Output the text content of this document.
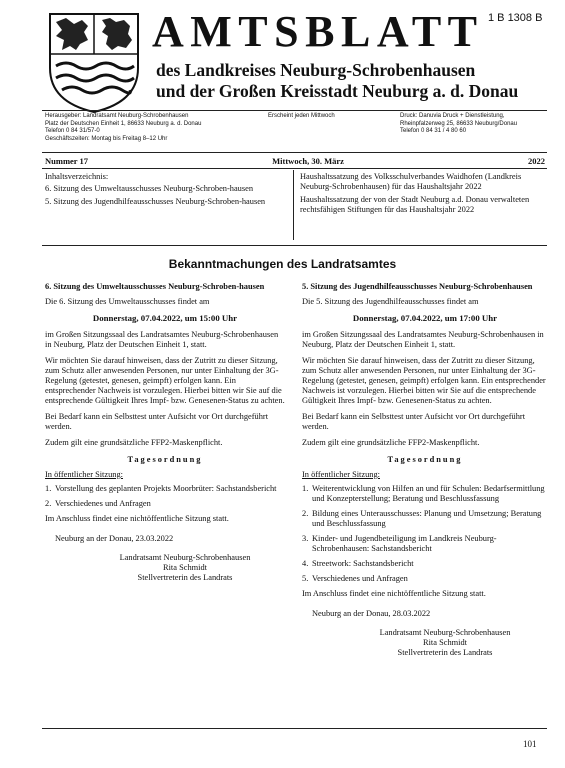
AMTSBLATT 1 B 1308 B
des Landkreises Neuburg-Schrobenhausen
und der Großen Kreisstadt Neuburg a. d. Donau
Herausgeber: Landratsamt Neuburg-Schrobenhausen
Platz der Deutschen Einheit 1, 86633 Neuburg a. d. Donau
Telefon 0 84 31/57-0
Geschäftszeiten: Montag bis Freitag 8–12 Uhr
Erscheint jeden Mittwoch	Druck: Danuvia Druck + Dienstleistung,
Rheinpfalzerweg 25, 86633 Neuburg/Donau
Telefon 0 84 31 / 4 80 60
Nummer 17	Mittwoch, 30. März	2022
Inhaltsverzeichnis:
6. Sitzung des Umweltausschusses Neuburg-Schroben-hausen
5. Sitzung des Jugendhilfeausschusses Neuburg-Schroben-hausen
Haushaltssatzung des Volksschulverbandes Waidhofen (Landkreis Neuburg-Schrobenhausen) für das Haushaltsjahr 2022
Haushaltssatzung der von der Stadt Neuburg a.d. Donau verwalteten rechtsfähigen Stiftungen für das Haushaltsjahr 2022
Bekanntmachungen des Landratsamtes
6. Sitzung des Umweltausschusses Neuburg-Schroben-hausen

Die 6. Sitzung des Umweltausschusses findet am

Donnerstag, 07.04.2022, um 15:00 Uhr

im Großen Sitzungssaal des Landratsamtes Neuburg-Schrobenhausen in Neuburg, Platz der Deutschen Einheit 1, statt.

Wir möchten Sie darauf hinweisen, dass der Zutritt zu dieser Sitzung, zum Schutz aller anwesenden Personen, nur unter Einhaltung der 3G-Regelung (getestet, genesen, geimpft) erfolgen kann. Ein entsprechender Nachweis ist vorzulegen. Hierbei bitten wir Sie auf die entsprechende Gültigkeit Ihres Impf- bzw. Genesenen-Status zu achten.

Bei Bedarf kann ein Selbsttest unter Aufsicht vor Ort durchgeführt werden.

Zudem gilt eine grundsätzliche FFP2-Maskenpflicht.

Tagesordnung
In öffentlicher Sitzung:
1. Vorstellung des geplanten Projekts Moorbrüter: Sachstandsbericht
2. Verschiedenes und Anfragen

Im Anschluss findet eine nichtöffentliche Sitzung statt.

Neuburg an der Donau, 23.03.2022
Landratsamt Neuburg-Schrobenhausen
Rita Schmidt
Stellvertreterin des Landrats
5. Sitzung des Jugendhilfeausschusses Neuburg-Schrobenhausen

Die 5. Sitzung des Jugendhilfeausschusses findet am

Donnerstag, 07.04.2022, um 17:00 Uhr

im Großen Sitzungssaal des Landratsamtes Neuburg-Schrobenhausen in Neuburg, Platz der Deutschen Einheit 1, statt.

Wir möchten Sie darauf hinweisen, dass der Zutritt zu dieser Sitzung, zum Schutz aller anwesenden Personen, nur unter Einhaltung der 3G-Regelung (getestet, genesen, geimpft) erfolgen kann. Ein entsprechender Nachweis ist vorzulegen. Hierbei bitten wir Sie auf die entsprechende Gültigkeit Ihres Impf- bzw. Genesenen-Status zu achten.

Bei Bedarf kann ein Selbsttest unter Aufsicht vor Ort durchgeführt werden.

Zudem gilt eine grundsätzliche FFP2-Maskenpflicht.

Tagesordnung
In öffentlicher Sitzung:
1. Weiterentwicklung von Hilfen an und für Schulen: Bedarfsermittlung und Konzepterstellung; Beratung und Beschlussfassung
2. Bildung eines Unterausschusses: Planung und Umsetzung; Beratung und Beschlussfassung
3. Kinder- und Jugendbeteiligung im Landkreis Neuburg-Schrobenhausen: Sachstandsbericht
4. Streetwork: Sachstandsbericht
5. Verschiedenes und Anfragen

Im Anschluss findet eine nichtöffentliche Sitzung statt.

Neuburg an der Donau, 28.03.2022
Landratsamt Neuburg-Schrobenhausen
Rita Schmidt
Stellvertreterin des Landrats
101
